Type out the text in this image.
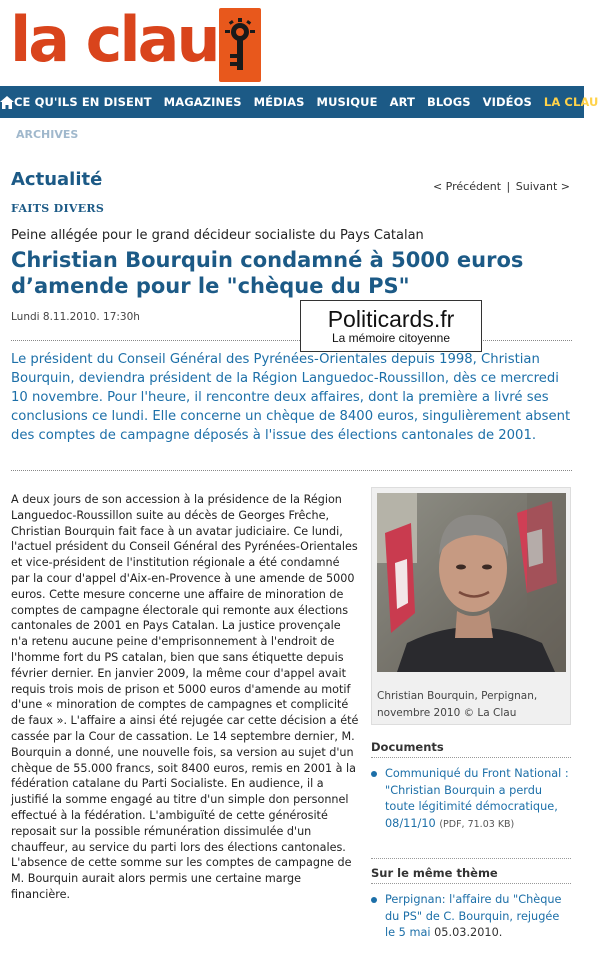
la clau
CE QU'ILS EN DISENT	MAGAZINES	MÉDIAS	MUSIQUE	ART	BLOGS	VIDÉOS	LA CLAU
ARCHIVES
Actualité	< Précédent | Suivant >
FAITS DIVERS
Peine allégée pour le grand décideur socialiste du Pays Catalan
Christian Bourquin condamné à 5000 euros d’amende pour le "chèque du PS"
Lundi 8.11.2010. 17:30h
Le président du Conseil Général des Pyrénées-Orientales depuis 1998, Christian Bourquin, deviendra président de la Région Languedoc-Roussillon, dès ce mercredi 10 novembre. Pour l'heure, il rencontre deux affaires, dont la première a livré ses conclusions ce lundi. Elle concerne un chèque de 8400 euros, singulièrement absent des comptes de campagne déposés à l'issue des élections cantonales de 2001.
Politicards.fr
La mémoire citoyenne
A deux jours de son accession à la présidence de la Région Languedoc-Roussillon suite au décès de Georges Frêche, Christian Bourquin fait face à un avatar judiciaire. Ce lundi, l'actuel président du Conseil Général des Pyrénées-Orientales et vice-président de l'institution régionale a été condamné par la cour d'appel d'Aix-en-Provence à une amende de 5000 euros. Cette mesure concerne une affaire de minoration de comptes de campagne électorale qui remonte aux élections cantonales de 2001 en Pays Catalan. La justice provençale n'a retenu aucune peine d'emprisonnement à l'endroit de l'homme fort du PS catalan, bien que sans étiquette depuis février dernier. En janvier 2009, la même cour d'appel avait requis trois mois de prison et 5000 euros d'amende au motif d'une « minoration de comptes de campagnes et complicité de faux ». L'affaire a ainsi été rejugée car cette décision a été cassée par la Cour de cassation. Le 14 septembre dernier, M. Bourquin a donné, une nouvelle fois, sa version au sujet d'un chèque de 55.000 francs, soit 8400 euros, remis en 2001 à la fédération catalane du Parti Socialiste. En audience, il a justifié la somme engagé au titre d'un simple don personnel effectué à la fédération. L'ambiguïté de cette générosité reposait sur la possible rémunération dissimulée d'un chauffeur, au service du parti lors des élections cantonales. L'absence de cette somme sur les comptes de campagne de M. Bourquin aurait alors permis une certaine marge financière.
Christian Bourquin, Perpignan, novembre 2010 © La Clau
Documents
Communiqué du Front National : "Christian Bourquin a perdu toute légitimité démocratique, 08/11/10 (PDF, 71.03 KB)
Sur le même thème
Perpignan: l'affaire du "Chèque du PS" de C. Bourquin, rejugée le 5 mai 05.03.2010.
